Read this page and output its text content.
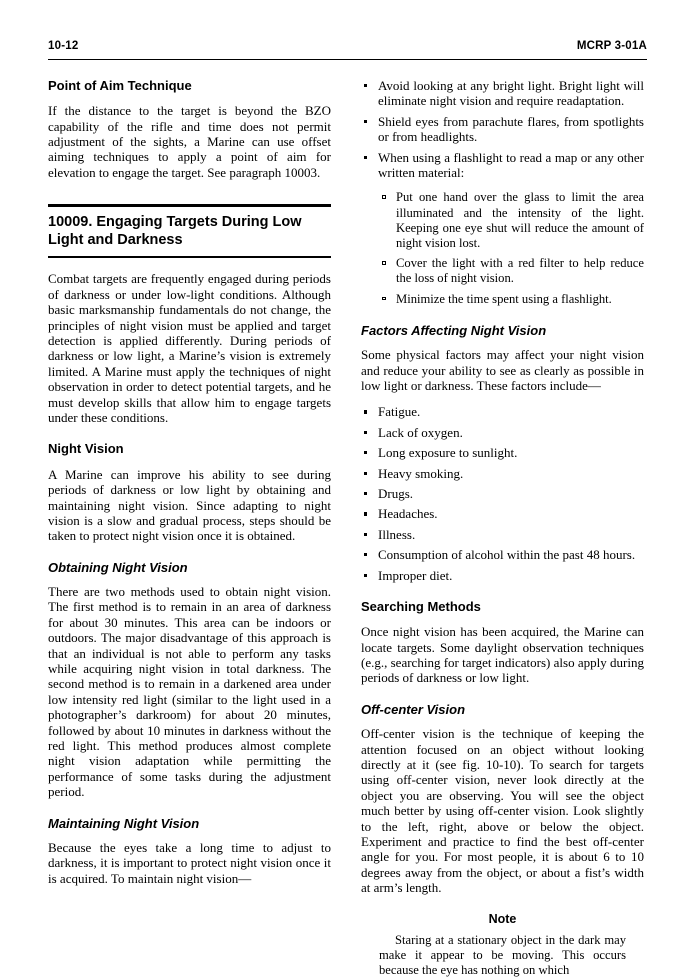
10-12	MCRP 3-01A
Point of Aim Technique

If the distance to the target is beyond the BZO capability of the rifle and time does not permit adjustment of the sights, a Marine can use offset aiming techniques to apply a point of aim for elevation to engage the target. See paragraph 10003.

10009. Engaging Targets During Low Light and Darkness

Combat targets are frequently engaged during periods of darkness or under low-light conditions. Although basic marksmanship fundamentals do not change, the principles of night vision must be applied and target detection is applied differently. During periods of darkness or low light, a Marine’s vision is extremely limited. A Marine must apply the techniques of night observation in order to detect potential targets, and he must develop skills that allow him to engage targets under these conditions.

Night Vision

A Marine can improve his ability to see during periods of darkness or low light by obtaining and maintaining night vision. Since adapting to night vision is a slow and gradual process, steps should be taken to protect night vision once it is obtained.

Obtaining Night Vision

There are two methods used to obtain night vision. The first method is to remain in an area of darkness for about 30 minutes. This area can be indoors or outdoors. The major disadvantage of this approach is that an individual is not able to perform any tasks while acquiring night vision in total darkness. The second method is to remain in a darkened area under low intensity red light (similar to the light used in a photographer’s darkroom) for about 20 minutes, followed by about 10 minutes in darkness without the red light. This method produces almost complete night vision adaptation while permitting the performance of some tasks during the adjustment period.

Maintaining Night Vision

Because the eyes take a long time to adjust to darkness, it is important to protect night vision once it is acquired. To maintain night vision—

Avoid looking at any bright light. Bright light will eliminate night vision and require readaptation.
Shield eyes from parachute flares, from spotlights or from headlights.
When using a flashlight to read a map or any other written material:
Put one hand over the glass to limit the area illuminated and the intensity of the light. Keeping one eye shut will reduce the amount of night vision lost.
Cover the light with a red filter to help reduce the loss of night vision.
Minimize the time spent using a flashlight.
Factors Affecting Night Vision

Some physical factors may affect your night vision and reduce your ability to see as clearly as possible in low light or darkness. These factors include—

Fatigue.
Lack of oxygen.
Long exposure to sunlight.
Heavy smoking.
Drugs.
Headaches.
Illness.
Consumption of alcohol within the past 48 hours.
Improper diet.
Searching Methods

Once night vision has been acquired, the Marine can locate targets. Some daylight observation techniques (e.g., searching for target indicators) also apply during periods of darkness or low light.

Off-center Vision

Off-center vision is the technique of keeping the attention focused on an object without looking directly at it (see fig. 10-10). To search for targets using off-center vision, never look directly at the object you are observing. You will see the object much better by using off-center vision. Look slightly to the left, right, above or below the object. Experiment and practice to find the best off-center angle for you. For most people, it is about 6 to 10 degrees away from the object, or about a fist’s width at arm’s length.

Note

Staring at a stationary object in the dark may make it appear to be moving. This occurs because the eye has nothing on which
